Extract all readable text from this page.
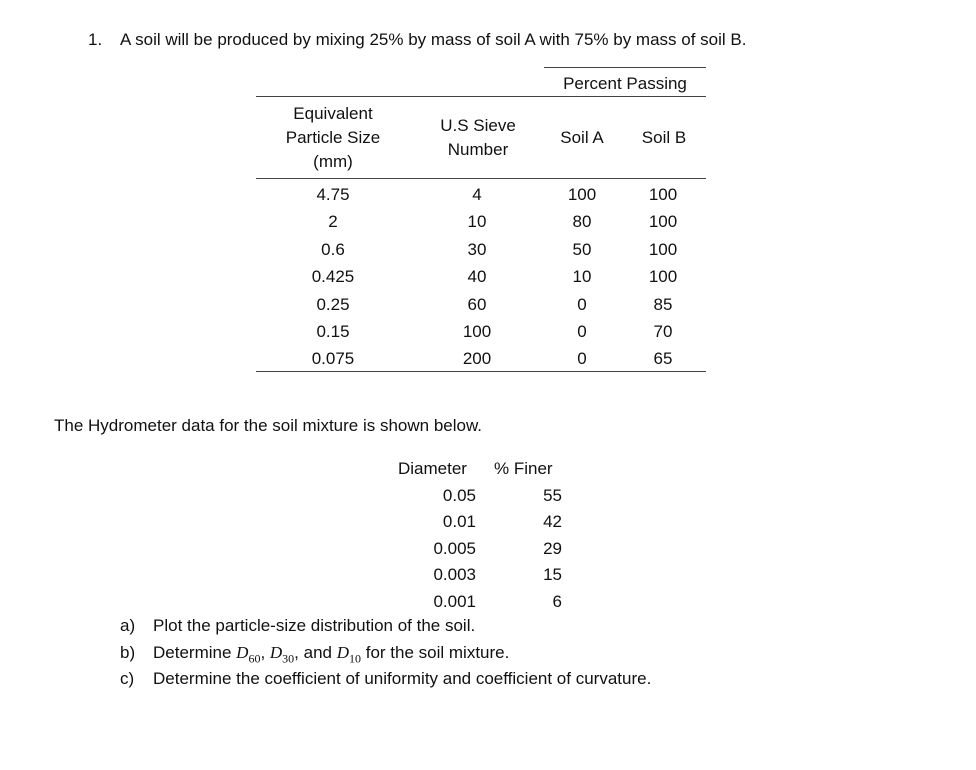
1. A soil will be produced by mixing 25% by mass of soil A with 75% by mass of soil B.
Percent Passing
Equivalent
Particle Size
(mm)
U.S Sieve
Number
Soil A	Soil B
4.75	4	100	100
2	10	80	100
0.6	30	50	100
0.425	40	10	100
0.25	60	0	85
0.15	100	0	70
0.075	200	0	65
The Hydrometer data for the soil mixture is shown below.
Diameter % Finer
0.05	55
0.01	42
0.005	29
0.003	15
0.001	6
a) Plot the particle-size distribution of the soil.
b) Determine $D_{60}$, $D_{30}$, and $D_{10}$ for the soil mixture.
c) Determine the coefficient of uniformity and coefficient of curvature.
